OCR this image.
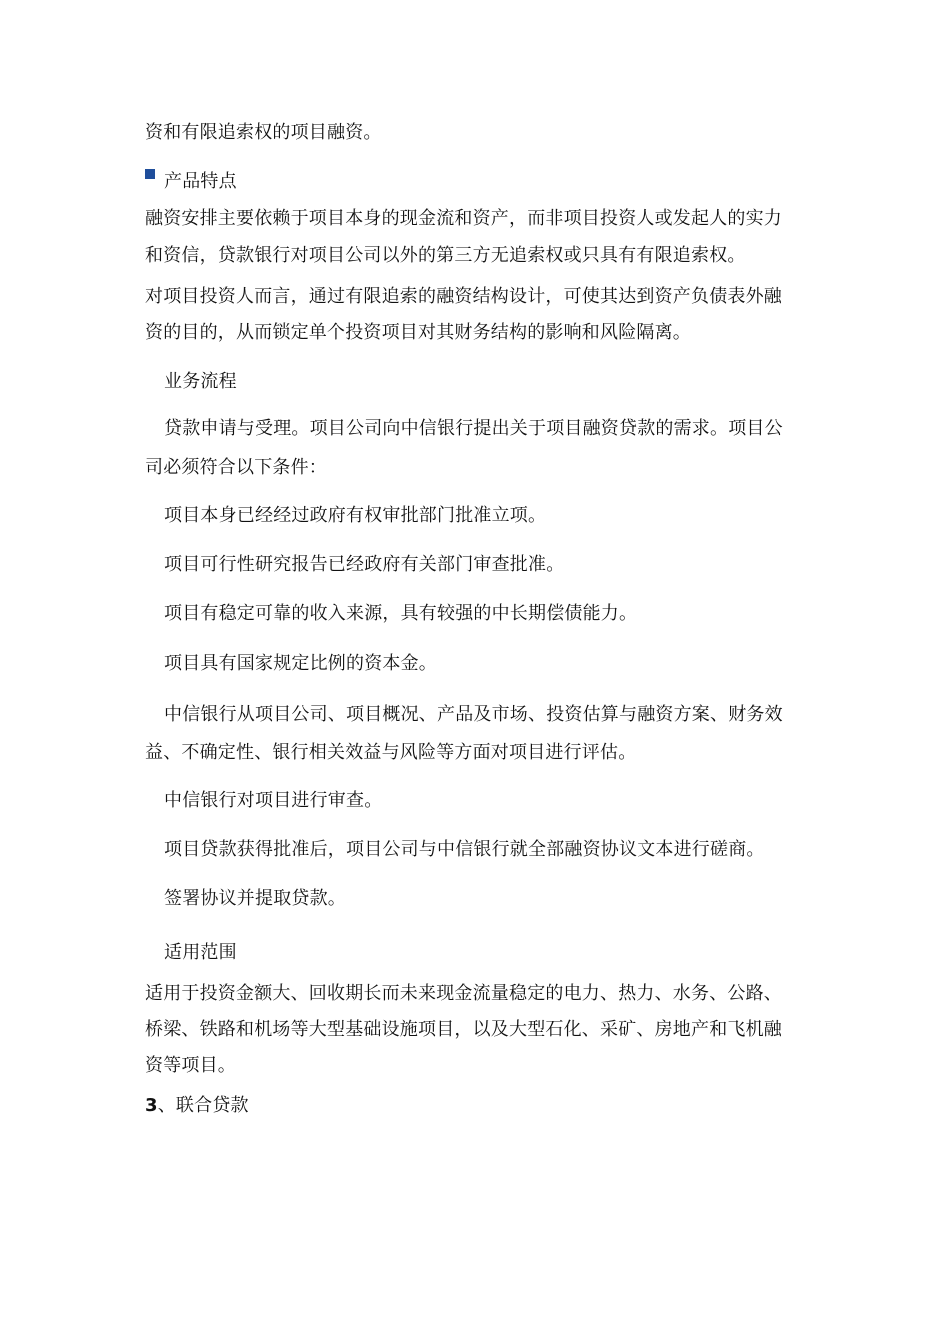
资和有限追索权的项目融资。
产品特点
融资安排主要依赖于项目本身的现金流和资产，而非项目投资人或发起人的实力
和资信，贷款银行对项目公司以外的第三方无追索权或只具有有限追索权。
对项目投资人而言，通过有限追索的融资结构设计，可使其达到资产负债表外融
资的目的，从而锁定单个投资项目对其财务结构的影响和风险隔离。
业务流程
贷款申请与受理。项目公司向中信银行提出关于项目融资贷款的需求。项目公
司必须符合以下条件：
项目本身已经经过政府有权审批部门批准立项。
项目可行性研究报告已经政府有关部门审查批准。
项目有稳定可靠的收入来源，具有较强的中长期偿债能力。
项目具有国家规定比例的资本金。
中信银行从项目公司、项目概况、产品及市场、投资估算与融资方案、财务效
益、不确定性、银行相关效益与风险等方面对项目进行评估。
中信银行对项目进行审查。
项目贷款获得批准后，项目公司与中信银行就全部融资协议文本进行磋商。
签署协议并提取贷款。
适用范围
适用于投资金额大、回收期长而未来现金流量稳定的电力、热力、水务、公路、
桥梁、铁路和机场等大型基础设施项目，以及大型石化、采矿、房地产和飞机融
资等项目。
3、联合贷款
